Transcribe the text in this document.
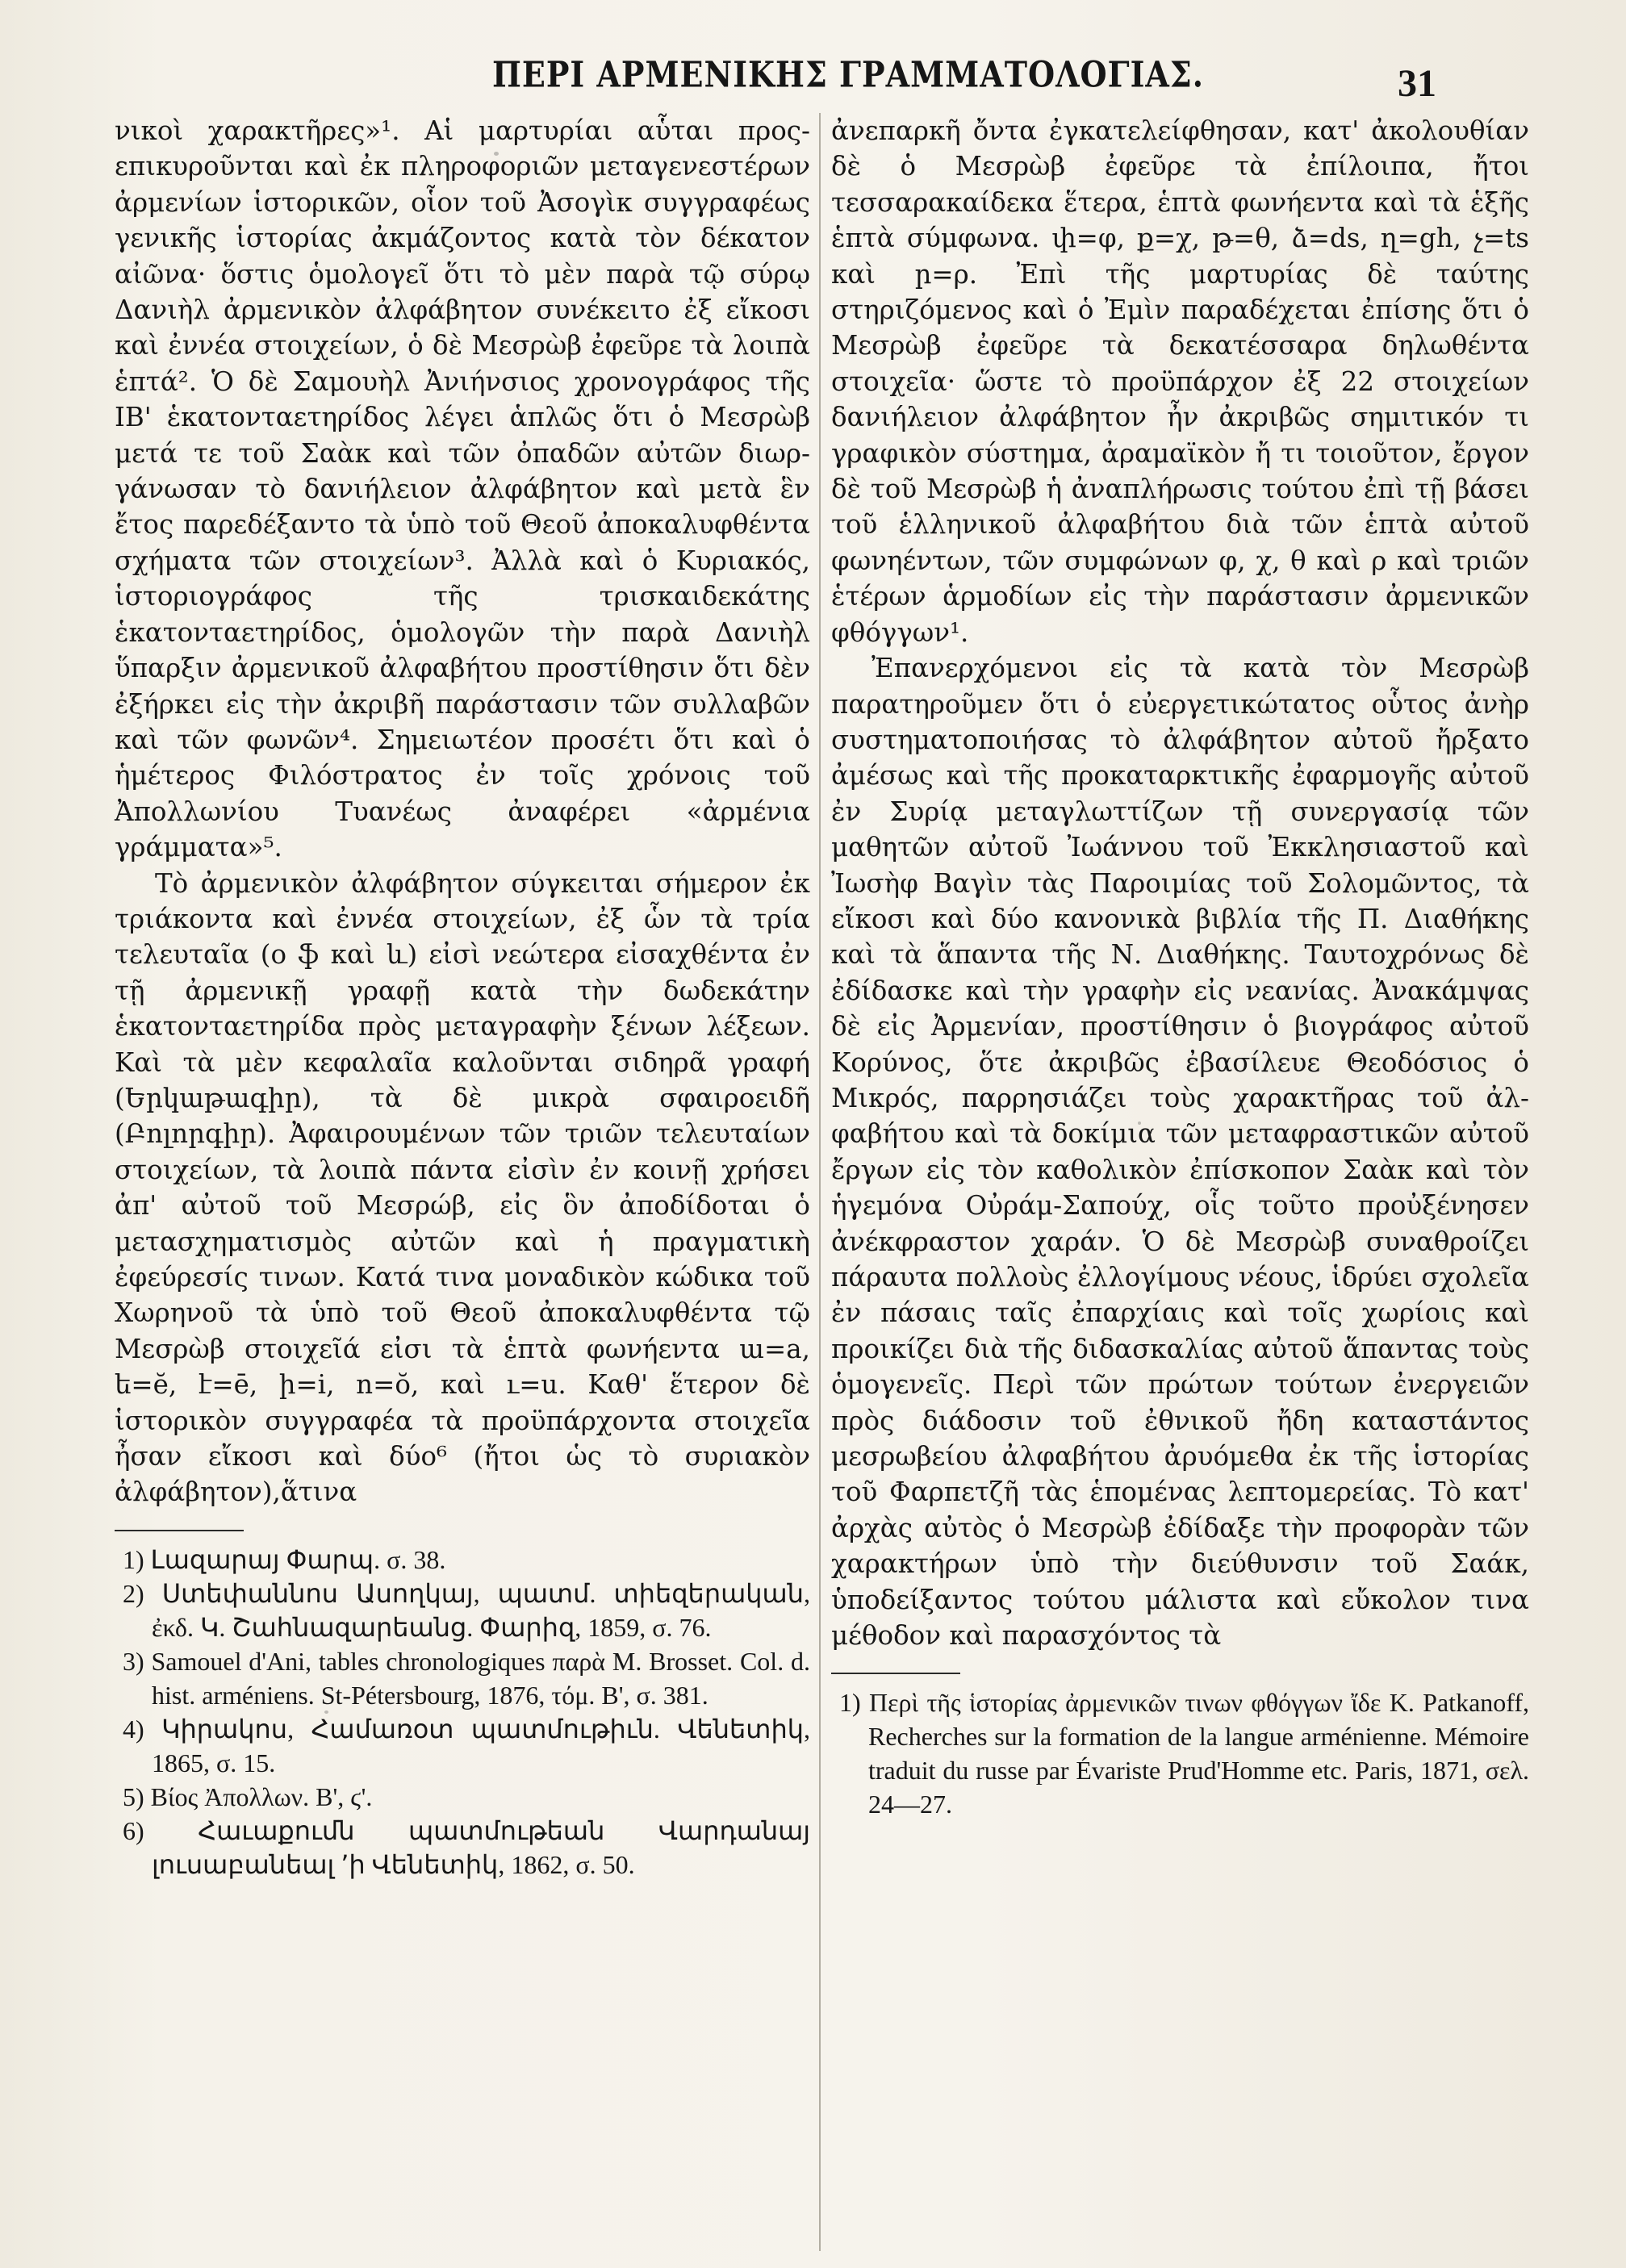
ΠΕΡΙ ΑΡΜΕΝΙΚΗΣ ΓΡΑΜΜΑΤΟΛΟΓΙΑΣ.	31

νικοὶ χαρακτῆρες»¹. Αἱ μαρτυρίαι αὗται προςεπικυροῦνται καὶ ἐκ πληροφοριῶν μεταγενεστέρων ἀρμενίων ἱστορικῶν, οἷον τοῦ Ἀσογὶκ συγγραφέως γενικῆς ἱστορίας ἀκμάζοντος κατὰ τὸν δέκατον αἰῶνα· ὅστις ὁμολογεῖ ὅτι τὸ μὲν παρὰ τῷ σύρῳ Δανιὴλ ἀρμενικὸν ἀλφάβητον συνέκειτο ἐξ εἴκοσι καὶ ἐννέα στοιχείων, ὁ δὲ Μεσρὼβ ἐφεῦρε τὰ λοιπὰ ἑπτά². Ὁ δὲ Σαμουὴλ Ἀνιήνσιος χρονογράφος τῆς ΙΒ' ἑκατονταετηρίδος λέγει ἁπλῶς ὅτι ὁ Μεσρὼβ μετά τε τοῦ Σαὰκ καὶ τῶν ὀπαδῶν αὐτῶν διωργάνωσαν τὸ δανιήλειον ἀλφάβητον καὶ μετὰ ἓν ἔτος παρεδέξαντο τὰ ὑπὸ τοῦ Θεοῦ ἀποκαλυφθέντα σχήματα τῶν στοιχείων³. Ἀλλὰ καὶ ὁ Κυριακός, ἱστοριογράφος τῆς τρισκαιδεκάτης ἑκατονταετηρίδος, ὁμολογῶν τὴν παρὰ Δανιὴλ ὕπαρξιν ἀρμενικοῦ ἀλφαβήτου προστίθησιν ὅτι δὲν ἐξήρκει εἰς τὴν ἀκριβῆ παράστασιν τῶν συλλαβῶν καὶ τῶν φωνῶν⁴. Σημειωτέον προσέτι ὅτι καὶ ὁ ἡμέτερος Φιλόστρατος ἐν τοῖς χρόνοις τοῦ Ἀπολλωνίου Τυανέως ἀναφέρει «ἀρμένια γράμματα»⁵.

Τὸ ἀρμενικὸν ἀλφάβητον σύγκειται σήμερον ἐκ τριάκοντα καὶ ἐννέα στοιχείων, ἐξ ὧν τὰ τρία τελευταῖα (o ֆ καὶ և) εἰσὶ νεώτερα εἰσαχθέντα ἐν τῇ ἀρμενικῇ γραφῇ κατὰ τὴν δωδεκάτην ἑκατονταετηρίδα πρὸς μεταγραφὴν ξένων λέξεων. Καὶ τὰ μὲν κεφαλαῖα καλοῦνται σιδηρᾶ γραφή (Երկաթագիր), τὰ δὲ μικρὰ σφαιροειδῆ (Բոլորգիր). Ἀφαιρουμένων τῶν τριῶν τελευταίων στοιχείων, τὰ λοιπὰ πάντα εἰσὶν ἐν κοινῇ χρήσει ἀπ' αὐτοῦ τοῦ Μεσρώβ, εἰς ὃν ἀποδίδοται ὁ μετασχηματισμὸς αὐτῶν καὶ ἡ πραγματικὴ ἐφεύρεσίς τινων. Κατά τινα μοναδικὸν κώδικα τοῦ Χωρηνοῦ τὰ ὑπὸ τοῦ Θεοῦ ἀποκαλυφθέντα τῷ Μεσρὼβ στοιχεῖά εἰσι τὰ ἑπτὰ φωνήεντα ա=a, ե=ĕ, է=ē, ի=i, ո=ŏ, καὶ ւ=u. Καθ' ἕτερον δὲ ἱστορικὸν συγγραφέα τὰ προϋπάρχοντα στοιχεῖα ἦσαν εἴκοσι καὶ δύο⁶ (ἤτοι ὡς τὸ συριακὸν ἀλφάβητον),ἅτινα

1) Լազարայ Փարպ. σ. 38.

2) Ստեփաննոս Ասողկայ, պատմ. տիեզերական, ἐκδ. Կ. Շահնազարեանց. Փարիզ, 1859, σ. 76.

3) Samouel d'Ani, tables chronologiques παρὰ M. Brosset. Col. d. hist. arméniens. St-Pétersbourg, 1876, τόμ. B', σ. 381.

4) Կիրակոս, Համառօտ պատմութիւն. Վենետիկ, 1865, σ. 15.

5) Βίος Ἀπολλων. Β', ϛ'.

6) Հաւաքումն պատմութեան Վարդանայ լուսաբանեալ ՚ի Վենետիկ, 1862, σ. 50.

ἀνεπαρκῆ ὄντα ἐγκατελείφθησαν, κατ' ἀκολουθίαν δὲ ὁ Μεσρὼβ ἐφεῦρε τὰ ἐπίλοιπα, ἤτοι τεσσαρακαίδεκα ἕτερα, ἑπτὰ φωνήεντα καὶ τὰ ἑξῆς ἑπτὰ σύμφωνα. փ=φ, ք=χ, թ=θ, ձ=ds, ղ=gh, չ=ts καὶ ր=ρ. Ἐπὶ τῆς μαρτυρίας δὲ ταύτης στηριζόμενος καὶ ὁ Ἐμὶν παραδέχεται ἐπίσης ὅτι ὁ Μεσρὼβ ἐφεῦρε τὰ δεκατέσσαρα δηλωθέντα στοιχεῖα· ὥστε τὸ προϋπάρχον ἐξ 22 στοιχείων δανιήλειον ἀλφάβητον ἦν ἀκριβῶς σημιτικόν τι γραφικὸν σύστημα, ἀραμαϊκὸν ἤ τι τοιοῦτον, ἔργον δὲ τοῦ Μεσρὼβ ἡ ἀναπλήρωσις τούτου ἐπὶ τῇ βάσει τοῦ ἑλληνικοῦ ἀλφαβήτου διὰ τῶν ἑπτὰ αὐτοῦ φωνηέντων, τῶν συμφώνων φ, χ, θ καὶ ρ καὶ τριῶν ἑτέρων ἁρμοδίων εἰς τὴν παράστασιν ἀρμενικῶν φθόγγων¹.

Ἐπανερχόμενοι εἰς τὰ κατὰ τὸν Μεσρὼβ παρατηροῦμεν ὅτι ὁ εὐεργετικώτατος οὗτος ἀνὴρ συστηματοποιήσας τὸ ἀλφάβητον αὐτοῦ ἤρξατο ἀμέσως καὶ τῆς προκαταρκτικῆς ἐφαρμογῆς αὐτοῦ ἐν Συρίᾳ μεταγλωττίζων τῇ συνεργασίᾳ τῶν μαθητῶν αὐτοῦ Ἰωάννου τοῦ Ἐκκλησιαστοῦ καὶ Ἰωσὴφ Βαγὶν τὰς Παροιμίας τοῦ Σολομῶντος, τὰ εἴκοσι καὶ δύο κανονικὰ βιβλία τῆς Π. Διαθήκης καὶ τὰ ἅπαντα τῆς Ν. Διαθήκης. Ταυτοχρόνως δὲ ἐδίδασκε καὶ τὴν γραφὴν εἰς νεανίας. Ἀνακάμψας δὲ εἰς Ἀρμενίαν, προστίθησιν ὁ βιογράφος αὐτοῦ Κορύνος, ὅτε ἀκριβῶς ἐβασίλευε Θεοδόσιος ὁ Μικρός, παρρησιάζει τοὺς χαρακτῆρας τοῦ ἀλφαβήτου καὶ τὰ δοκίμια τῶν μεταφραστικῶν αὐτοῦ ἔργων εἰς τὸν καθολικὸν ἐπίσκοπον Σαὰκ καὶ τὸν ἡγεμόνα Οὐράμ-Σαπούχ, οἷς τοῦτο προὐξένησεν ἀνέκφραστον χαράν. Ὁ δὲ Μεσρὼβ συναθροίζει πάραυτα πολλοὺς ἐλλογίμους νέους, ἱδρύει σχολεῖα ἐν πάσαις ταῖς ἐπαρχίαις καὶ τοῖς χωρίοις καὶ προικίζει διὰ τῆς διδασκαλίας αὐτοῦ ἅπαντας τοὺς ὁμογενεῖς. Περὶ τῶν πρώτων τούτων ἐνεργειῶν πρὸς διάδοσιν τοῦ ἐθνικοῦ ἤδη καταστάντος μεσρωβείου ἀλφαβήτου ἀρυόμεθα ἐκ τῆς ἱστορίας τοῦ Φαρπετζῆ τὰς ἑπομένας λεπτομερείας. Τὸ κατ' ἀρχὰς αὐτὸς ὁ Μεσρὼβ ἐδίδαξε τὴν προφορὰν τῶν χαρακτήρων ὑπὸ τὴν διεύθυνσιν τοῦ Σαάκ, ὑποδείξαντος τούτου μάλιστα καὶ εὔκολον τινα μέθοδον καὶ παρασχόντος τὰ

1) Περὶ τῆς ἱστορίας ἀρμενικῶν τινων φθόγγων ἴδε K. Patkanoff, Recherches sur la formation de la langue arménienne. Mémoire traduit du russe par Évariste Prud'Homme etc. Paris, 1871, σελ. 24—27.
